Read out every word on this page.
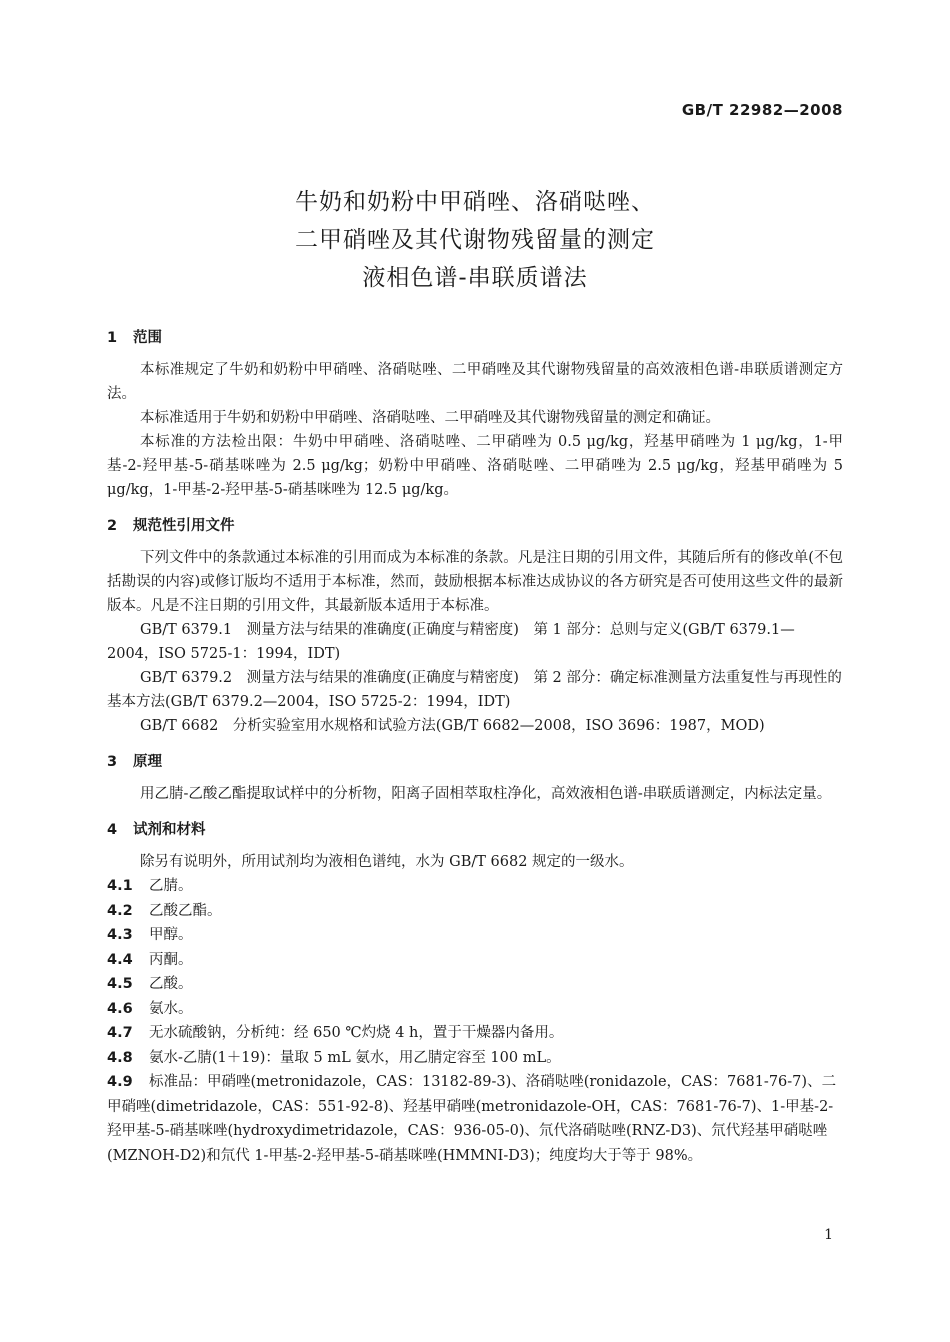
GB/T 22982—2008
牛奶和奶粉中甲硝唑、洛硝哒唑、
二甲硝唑及其代谢物残留量的测定
液相色谱-串联质谱法
1 范围

本标准规定了牛奶和奶粉中甲硝唑、洛硝哒唑、二甲硝唑及其代谢物残留量的高效液相色谱-串联质谱测定方法。

本标准适用于牛奶和奶粉中甲硝唑、洛硝哒唑、二甲硝唑及其代谢物残留量的测定和确证。

本标准的方法检出限：牛奶中甲硝唑、洛硝哒唑、二甲硝唑为 0.5 μg/kg，羟基甲硝唑为 1 μg/kg，1-甲基-2-羟甲基-5-硝基咪唑为 2.5 μg/kg；奶粉中甲硝唑、洛硝哒唑、二甲硝唑为 2.5 μg/kg，羟基甲硝唑为 5 μg/kg，1-甲基-2-羟甲基-5-硝基咪唑为 12.5 μg/kg。

2 规范性引用文件

下列文件中的条款通过本标准的引用而成为本标准的条款。凡是注日期的引用文件，其随后所有的修改单(不包括勘误的内容)或修订版均不适用于本标准，然而，鼓励根据本标准达成协议的各方研究是否可使用这些文件的最新版本。凡是不注日期的引用文件，其最新版本适用于本标准。

GB/T 6379.1　测量方法与结果的准确度(正确度与精密度)　第 1 部分：总则与定义(GB/T 6379.1—2004，ISO 5725-1：1994，IDT)

GB/T 6379.2　测量方法与结果的准确度(正确度与精密度)　第 2 部分：确定标准测量方法重复性与再现性的基本方法(GB/T 6379.2—2004，ISO 5725-2：1994，IDT)

GB/T 6682　分析实验室用水规格和试验方法(GB/T 6682—2008，ISO 3696：1987，MOD)

3 原理

用乙腈-乙酸乙酯提取试样中的分析物，阳离子固相萃取柱净化，高效液相色谱-串联质谱测定，内标法定量。

4 试剂和材料

除另有说明外，所用试剂均为液相色谱纯，水为 GB/T 6682 规定的一级水。

4.1 乙腈。

4.2 乙酸乙酯。

4.3 甲醇。

4.4 丙酮。

4.5 乙酸。

4.6 氨水。

4.7 无水硫酸钠，分析纯：经 650 ℃灼烧 4 h，置于干燥器内备用。

4.8 氨水-乙腈(1＋19)：量取 5 mL 氨水，用乙腈定容至 100 mL。

4.9 标准品：甲硝唑(metronidazole，CAS：13182-89-3)、洛硝哒唑(ronidazole，CAS：7681-76-7)、二甲硝唑(dimetridazole，CAS：551-92-8)、羟基甲硝唑(metronidazole-OH，CAS：7681-76-7)、1-甲基-2-羟甲基-5-硝基咪唑(hydroxydimetridazole，CAS：936-05-0)、氘代洛硝哒唑(RNZ-D3)、氘代羟基甲硝哒唑(MZNOH-D2)和氘代 1-甲基-2-羟甲基-5-硝基咪唑(HMMNI-D3)；纯度均大于等于 98%。

1
